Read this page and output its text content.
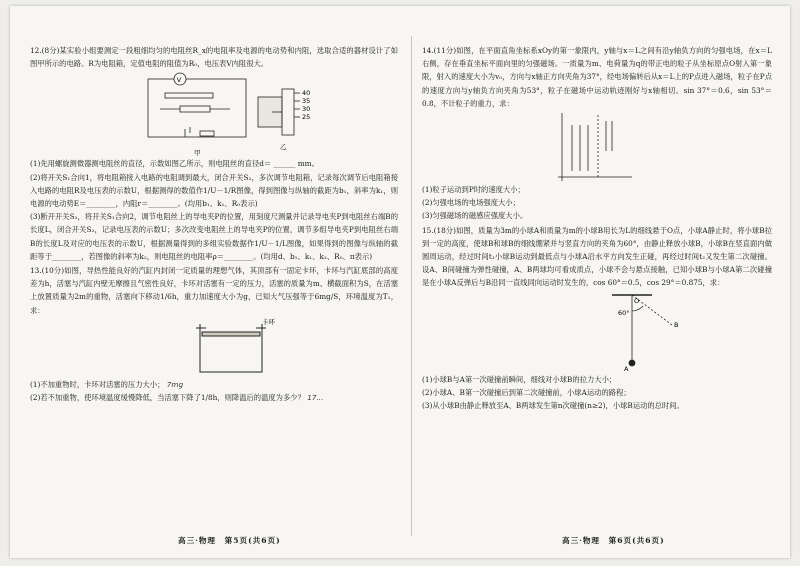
12.(8分)某实验小组要测定一段粗细均匀的电阻丝R_x的电阻率及电源的电动势和内阻，选取合适的器材设计了如图甲所示的电路。R为电阻箱，定值电阻的阻值为R₀，电压表V内阻很大。

V
甲
40
35
30
25
乙

(1)先用螺旋测微器测电阻丝的直径，示数如图乙所示，则电阻丝的直径d＝ ______ mm。

(2)将开关S₁合向1，将电阻箱接入电路的电阻调到最大，闭合开关S₂，多次调节电阻箱，记录每次调节后电阻箱接入电路的电阻R及电压表的示数U，根据测得的数值作1/U－1/R图像，得到图像与纵轴的截距为b₁，斜率为k₁，则电源的电动势E＝________，内阻r＝________。(均用b₁、k₁、R₀表示)

(3)断开开关S₂，将开关S₁合向2，调节电阻丝上的导电夹P的位置，用刻度尺测量并记录导电夹P到电阻丝右端B的长度L，闭合开关S₂，记录电压表的示数U；多次改变电阻丝上的导电夹P的位置，调节多组导电夹P到电阻丝右端B的长度L及对应的电压表的示数U，根据测量得到的多组实验数据作1/U－1/L图像，如果得到的图像与纵轴的截距等于________，若图像的斜率为k₂，则电阻丝的电阻率ρ＝________。(均用d、b₁、k₁、k₂、R₀、π表示)

13.(10分)如图，导热性能良好的汽缸内封闭一定质量的理想气体，其顶部有一固定卡环，卡环与汽缸底部的高度差为h，活塞与汽缸内壁无摩擦且气密性良好，卡环对活塞有一定的压力，活塞的质量为m、横截面积为S，在活塞上放置质量为2m的重物，活塞向下移动1/6h，重力加速度大小为g，已知大气压强等于6mg/S，环境温度为T₁，求：

卡环

(1)不加重物时，卡环对活塞的压力大小； 7mg

(2)若不加重物，使环境温度缓慢降低，当活塞下降了1/8h，则降温后的温度为多少？ 17...

14.(11分)如图，在平面直角坐标系xOy的第一象限内，y轴与x＝L之间有沿y轴负方向的匀强电场，在x＝L右侧，存在垂直坐标平面向里的匀强磁场。一质量为m、电荷量为q的带正电的粒子从坐标原点O射入第一象限，射入的速度大小为v₀，方向与x轴正方向夹角为37°，经电场偏转后从x＝L上的P点进入磁场，粒子在P点的速度方向与y轴负方向夹角为53°，粒子在磁场中运动轨迹刚好与x轴相切。sin 37°＝0.6，sin 53°＝0.8，不计粒子的重力，求：

(1)粒子运动到P时的速度大小；

(2)匀强电场的电场强度大小；

(3)匀强磁场的磁感应强度大小。

15.(18分)如图，质量为3m的小球A和质量为m的小球B用长为L的细线悬于O点，小球A静止时，将小球B拉到一定的高度，使球B和球B的细线绷紧并与竖直方向的夹角为60°，由静止释放小球B，小球B在竖直面内做圆周运动，经过时间t₁小球B运动到最低点与小球A沿水平方向发生正碰，再经过时间t₂又发生第二次碰撞。设A、B间碰撞为弹性碰撞，A、B两球均可看成质点，小球不会与悬点接触，已知小球B与小球A第二次碰撞是在小球A反弹后与B沿同一直线同向运动时发生的，cos 60°＝0.5，cos 29°＝0.875，求：

O
60°
A
B

(1)小球B与A第一次碰撞前瞬间，细线对小球B的拉力大小；

(2)小球A、B第一次碰撞后到第二次碰撞前，小球A运动的路程；

(3)从小球B由静止释放至A、B两球发生第n次碰撞(n≥2)，小球B运动的总时间。

高三·物理　第5页(共6页)	高三·物理　第6页(共6页)
